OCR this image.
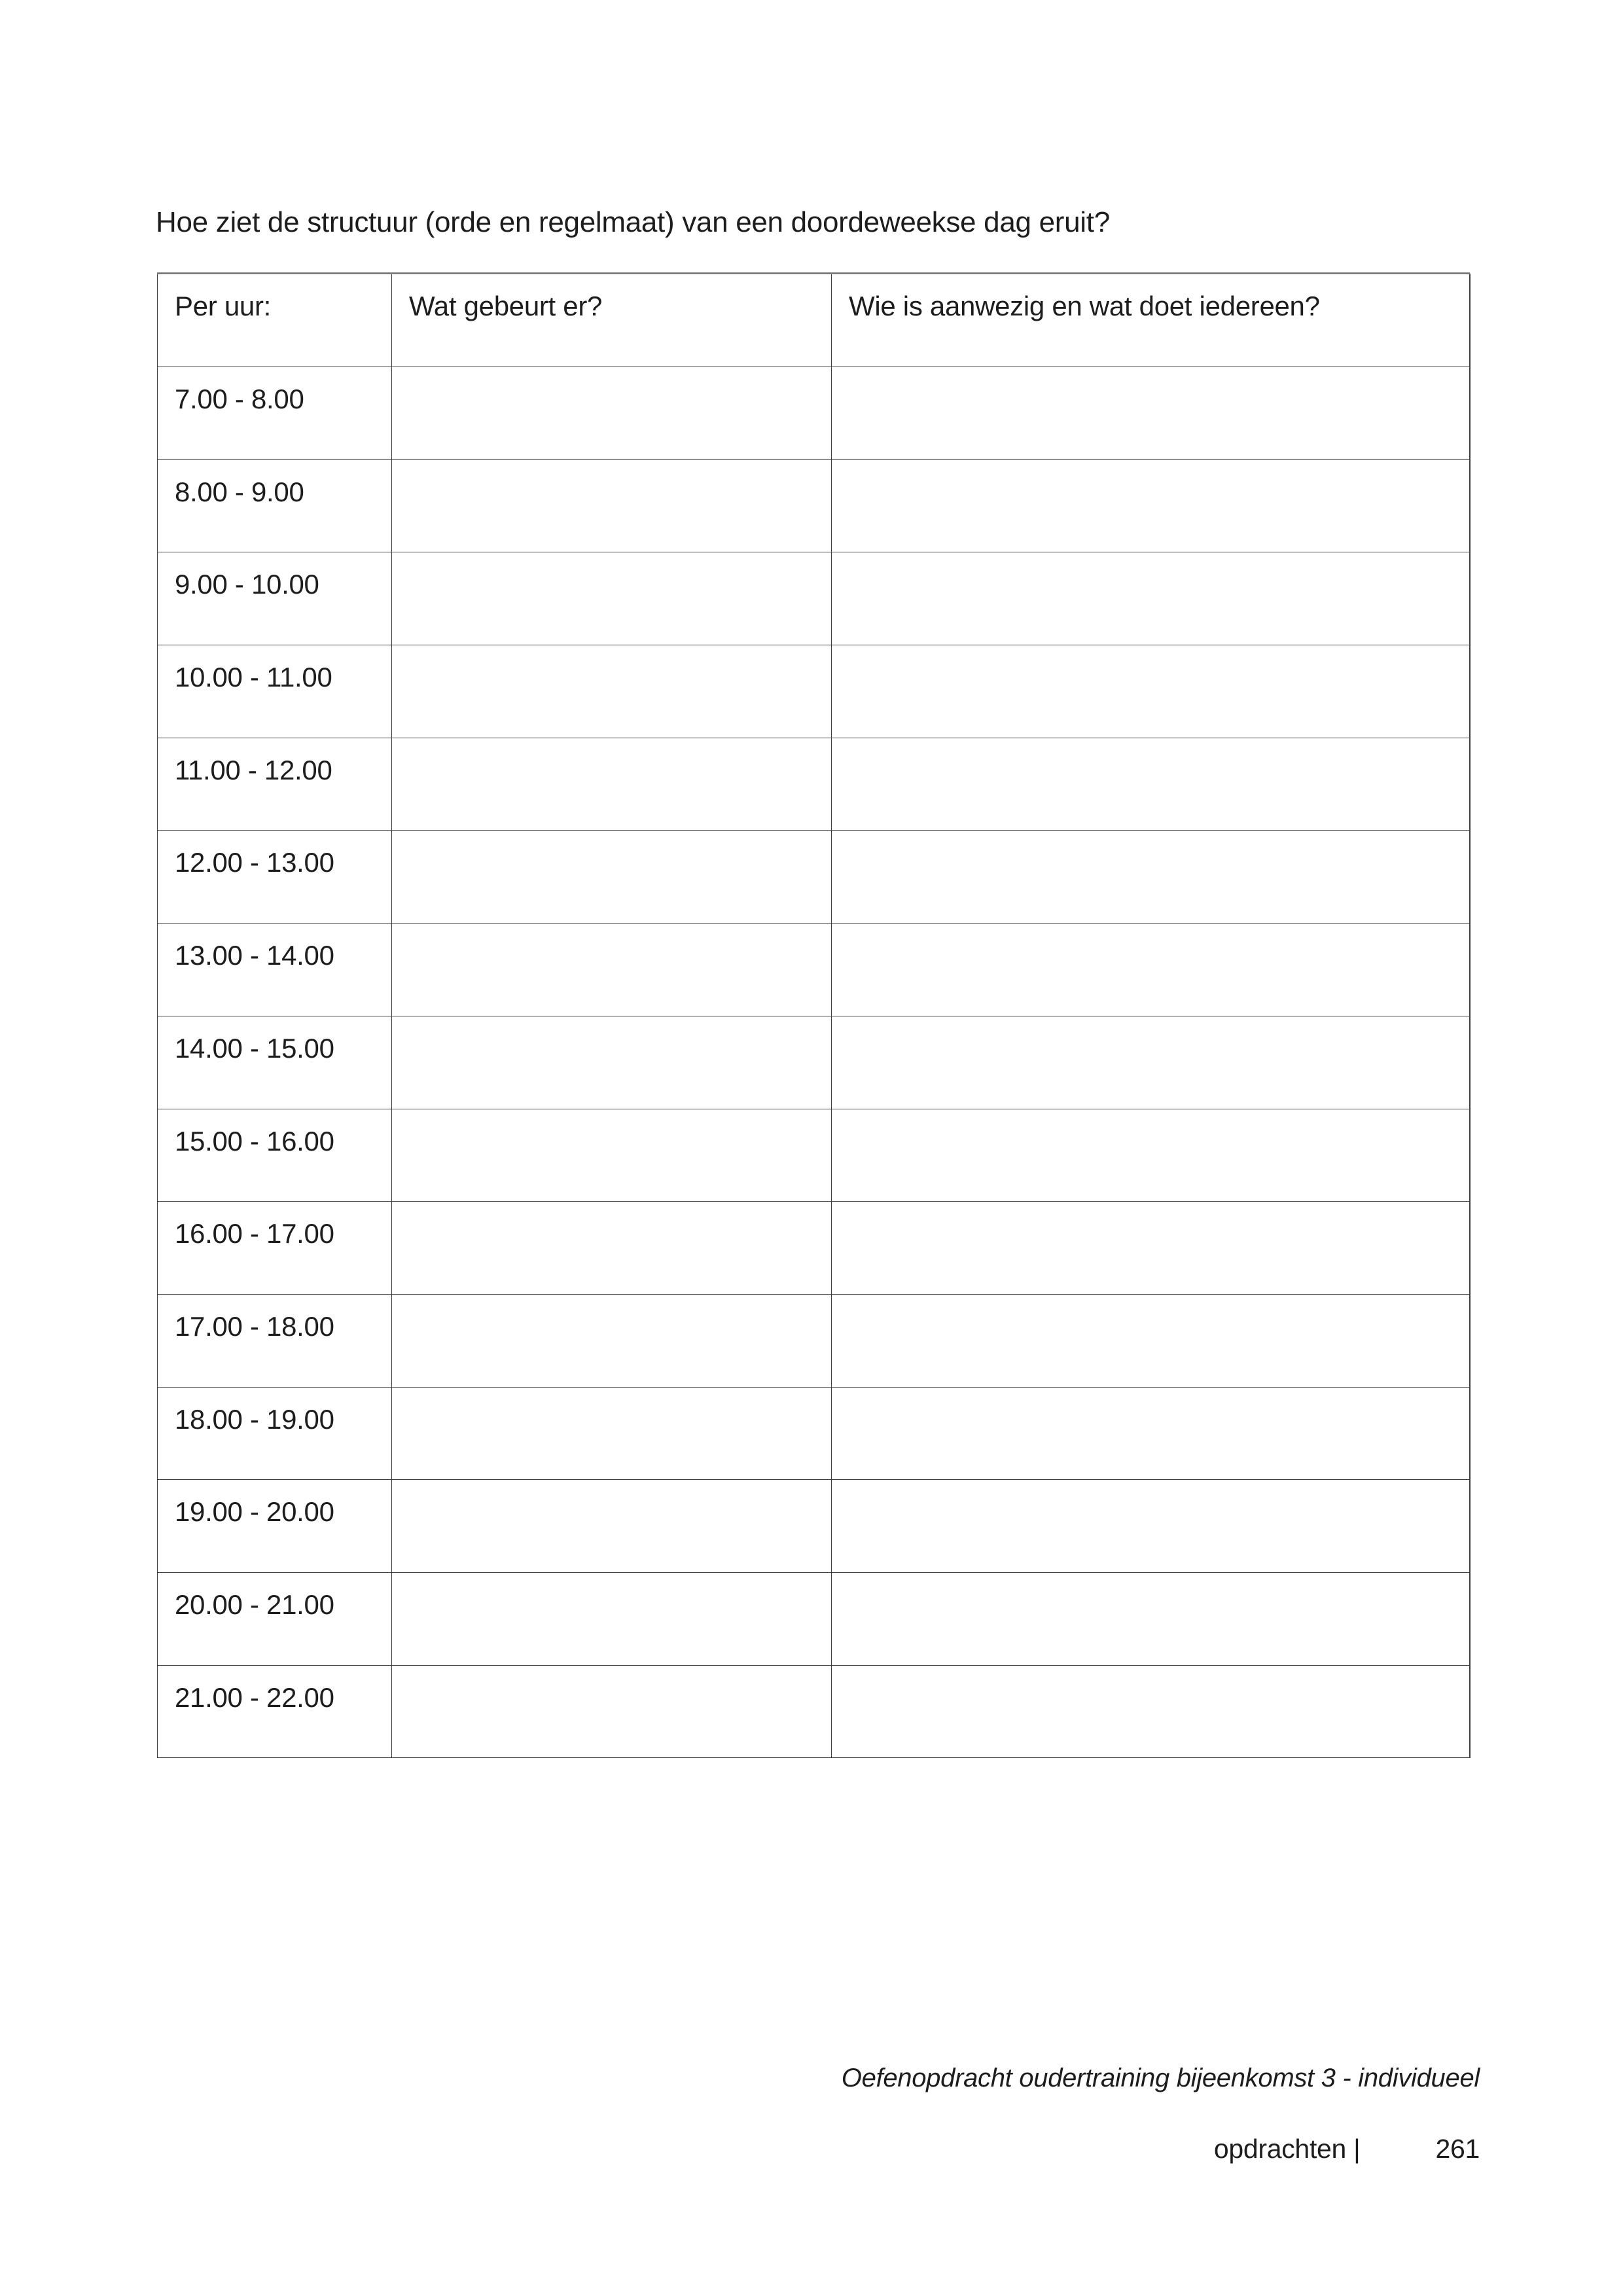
Hoe ziet de structuur (orde en regelmaat) van een doordeweekse dag eruit?
Per uur:	Wat gebeurt er?	Wie is aanwezig en wat doet iedereen?
7.00 - 8.00		
8.00 - 9.00		
9.00 - 10.00		
10.00 - 11.00		
11.00 - 12.00		
12.00 - 13.00		
13.00 - 14.00		
14.00 - 15.00		
15.00 - 16.00		
16.00 - 17.00		
17.00 - 18.00		
18.00 - 19.00		
19.00 - 20.00		
20.00 - 21.00		
21.00 - 22.00		
Oefenopdracht oudertraining bijeenkomst 3 - individueel
opdrachten |	261
